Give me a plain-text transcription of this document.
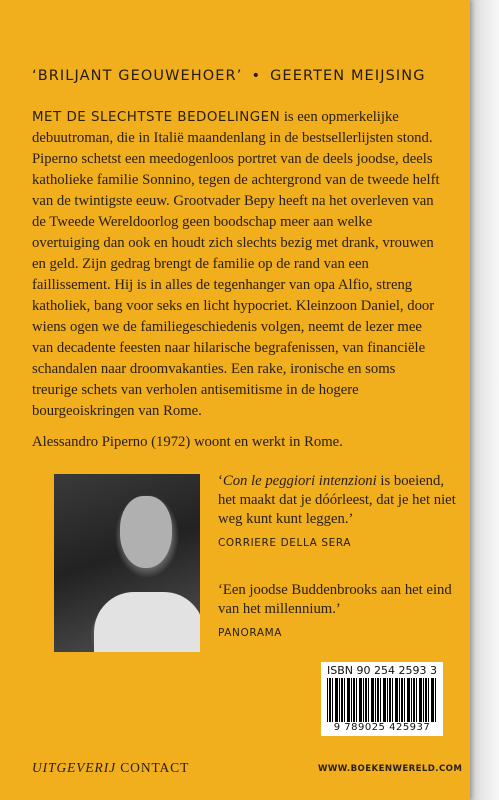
‘BRILJANT GEOUWEHOER’ • GEERTEN MEIJSING
MET DE SLECHTSTE BEDOELINGEN is een opmerkelijke debuutroman, die in Italië maandenlang in de bestsellerlijsten stond. Piperno schetst een meedogenloos portret van de deels joodse, deels katholieke familie Sonnino, tegen de achtergrond van de tweede helft van de twintigste eeuw. Grootvader Bepy heeft na het overleven van de Tweede Wereldoorlog geen boodschap meer aan welke overtuiging dan ook en houdt zich slechts bezig met drank, vrouwen en geld. Zijn gedrag brengt de familie op de rand van een faillissement. Hij is in alles de tegenhanger van opa Alfio, streng katholiek, bang voor seks en licht hypocriet. Kleinzoon Daniel, door wiens ogen we de familiegeschiedenis volgen, neemt de lezer mee van decadente feesten naar hilarische begrafenissen, van financiële schandalen naar droomvakanties. Een rake, ironische en soms treurige schets van verholen antisemitisme in de hogere bourgeoiskringen van Rome.
Alessandro Piperno (1972) woont en werkt in Rome.
‘Con le peggiori intenzioni is boeiend, het maakt dat je dóórleest, dat je het niet weg kunt kunt leggen.’
CORRIERE DELLA SERA
‘Een joodse Buddenbrooks aan het eind van het millennium.’
PANORAMA
ISBN 90 254 2593 3
9 789025 425937
UITGEVERIJ CONTACT	WWW.BOEKENWERELD.COM
